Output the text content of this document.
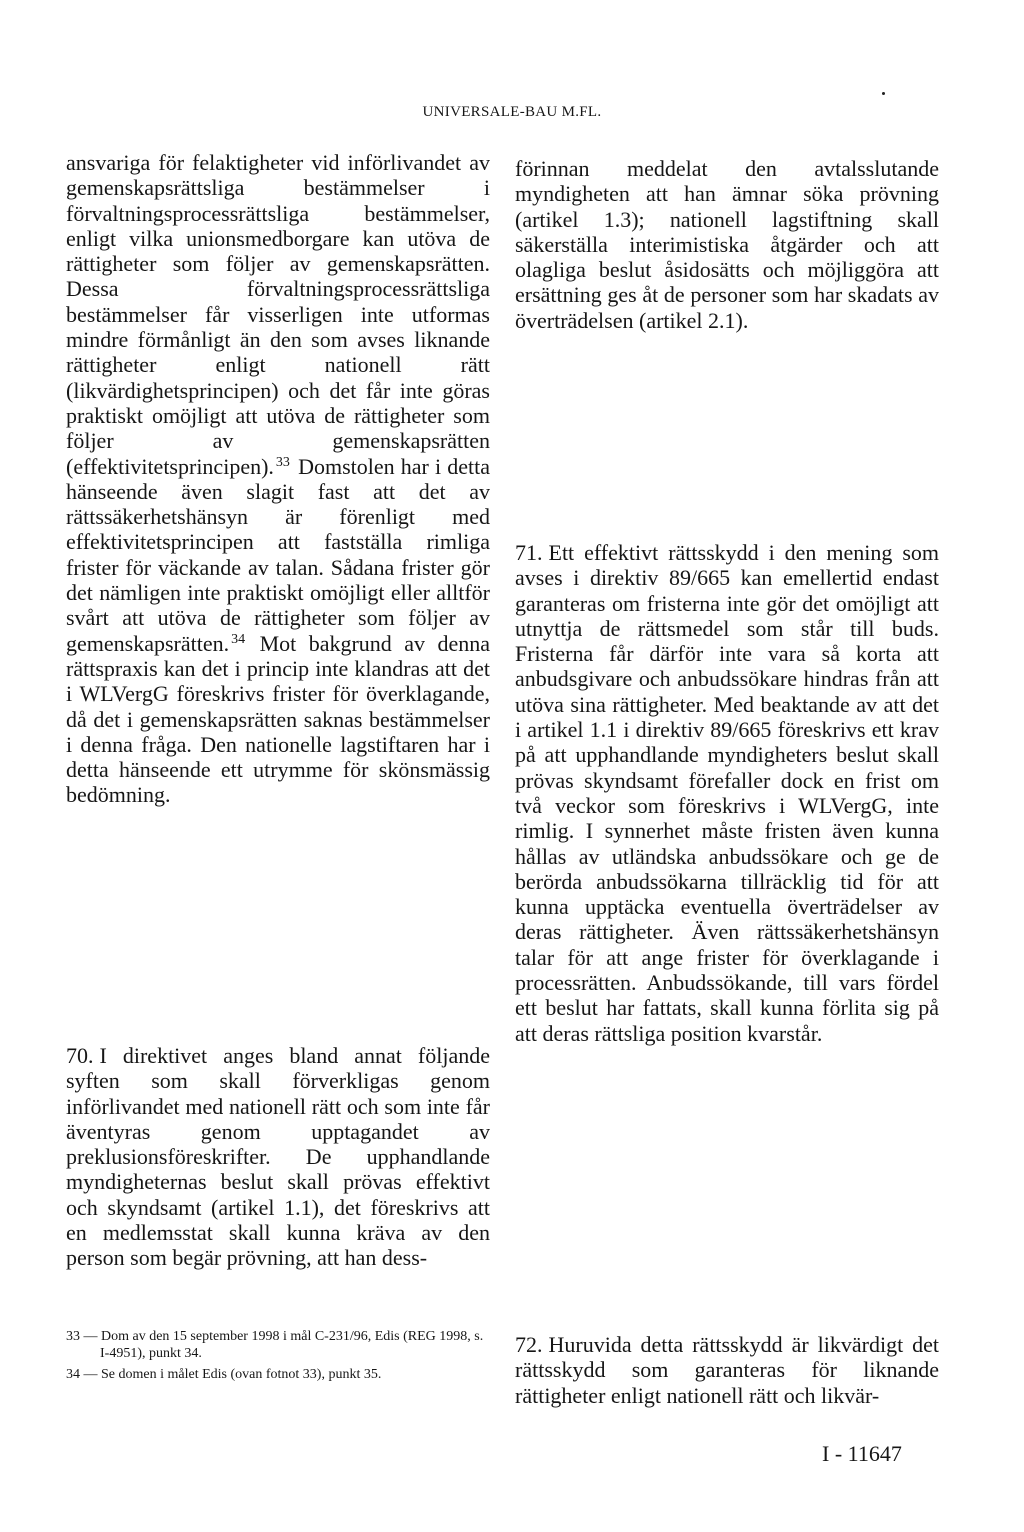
UNIVERSALE-BAU M.FL.

ansvariga för felaktigheter vid införlivandet av gemenskapsrättsliga bestämmelser i förvaltningsprocessrättsliga bestämmelser, enligt vilka unionsmedborgare kan utöva de rättigheter som följer av gemenskapsrätten. Dessa förvaltningsprocessrättsliga bestämmelser får visserligen inte utformas mindre förmånligt än den som avses liknande rättigheter enligt nationell rätt (likvärdighetsprincipen) och det får inte göras praktiskt omöjligt att utöva de rättigheter som följer av gemenskapsrätten (effektivitetsprincipen). $^{33}$ Domstolen har i detta hänseende även slagit fast att det av rättssäkerhetshänsyn är förenligt med effektivitetsprincipen att fastställa rimliga frister för väckande av talan. Sådana frister gör det nämligen inte praktiskt omöjligt eller alltför svårt att utöva de rättigheter som följer av gemenskapsrätten. $^{34}$ Mot bakgrund av denna rättspraxis kan det i princip inte klandras att det i WLVergG föreskrivs frister för överklagande, då det i gemenskapsrätten saknas bestämmelser i denna fråga. Den nationelle lagstiftaren har i detta hänseende ett utrymme för skönsmässig bedömning.

70. I direktivet anges bland annat följande syften som skall förverkligas genom införlivandet med nationell rätt och som inte får äventyras genom upptagandet av preklusionsföreskrifter. De upphandlande myndigheternas beslut skall prövas effektivt och skyndsamt (artikel 1.1), det föreskrivs att en medlemsstat skall kunna kräva av den person som begär prövning, att han dess-

förinnan meddelat den avtalsslutande myndigheten att han ämnar söka prövning (artikel 1.3); nationell lagstiftning skall säkerställa interimistiska åtgärder och att olagliga beslut åsidosätts och möjliggöra att ersättning ges åt de personer som har skadats av överträdelsen (artikel 2.1).

71. Ett effektivt rättsskydd i den mening som avses i direktiv 89/665 kan emellertid endast garanteras om fristerna inte gör det omöjligt att utnyttja de rättsmedel som står till buds. Fristerna får därför inte vara så korta att anbudsgivare och anbudssökare hindras från att utöva sina rättigheter. Med beaktande av att det i artikel 1.1 i direktiv 89/665 föreskrivs ett krav på att upphandlande myndigheters beslut skall prövas skyndsamt förefaller dock en frist om två veckor som föreskrivs i WLVergG, inte rimlig. I synnerhet måste fristen även kunna hållas av utländska anbudssökare och ge de berörda anbudssökarna tillräcklig tid för att kunna upptäcka eventuella överträdelser av deras rättigheter. Även rättssäkerhetshänsyn talar för att ange frister för överklagande i processrätten. Anbudssökande, till vars fördel ett beslut har fattats, skall kunna förlita sig på att deras rättsliga position kvarstår.

72. Huruvida detta rättsskydd är likvärdigt det rättsskydd som garanteras för liknande rättigheter enligt nationell rätt och likvär-

33 — Dom av den 15 september 1998 i mål C-231/96, Edis (REG 1998, s. I-4951), punkt 34.

34 — Se domen i målet Edis (ovan fotnot 33), punkt 35.

I - 11647
